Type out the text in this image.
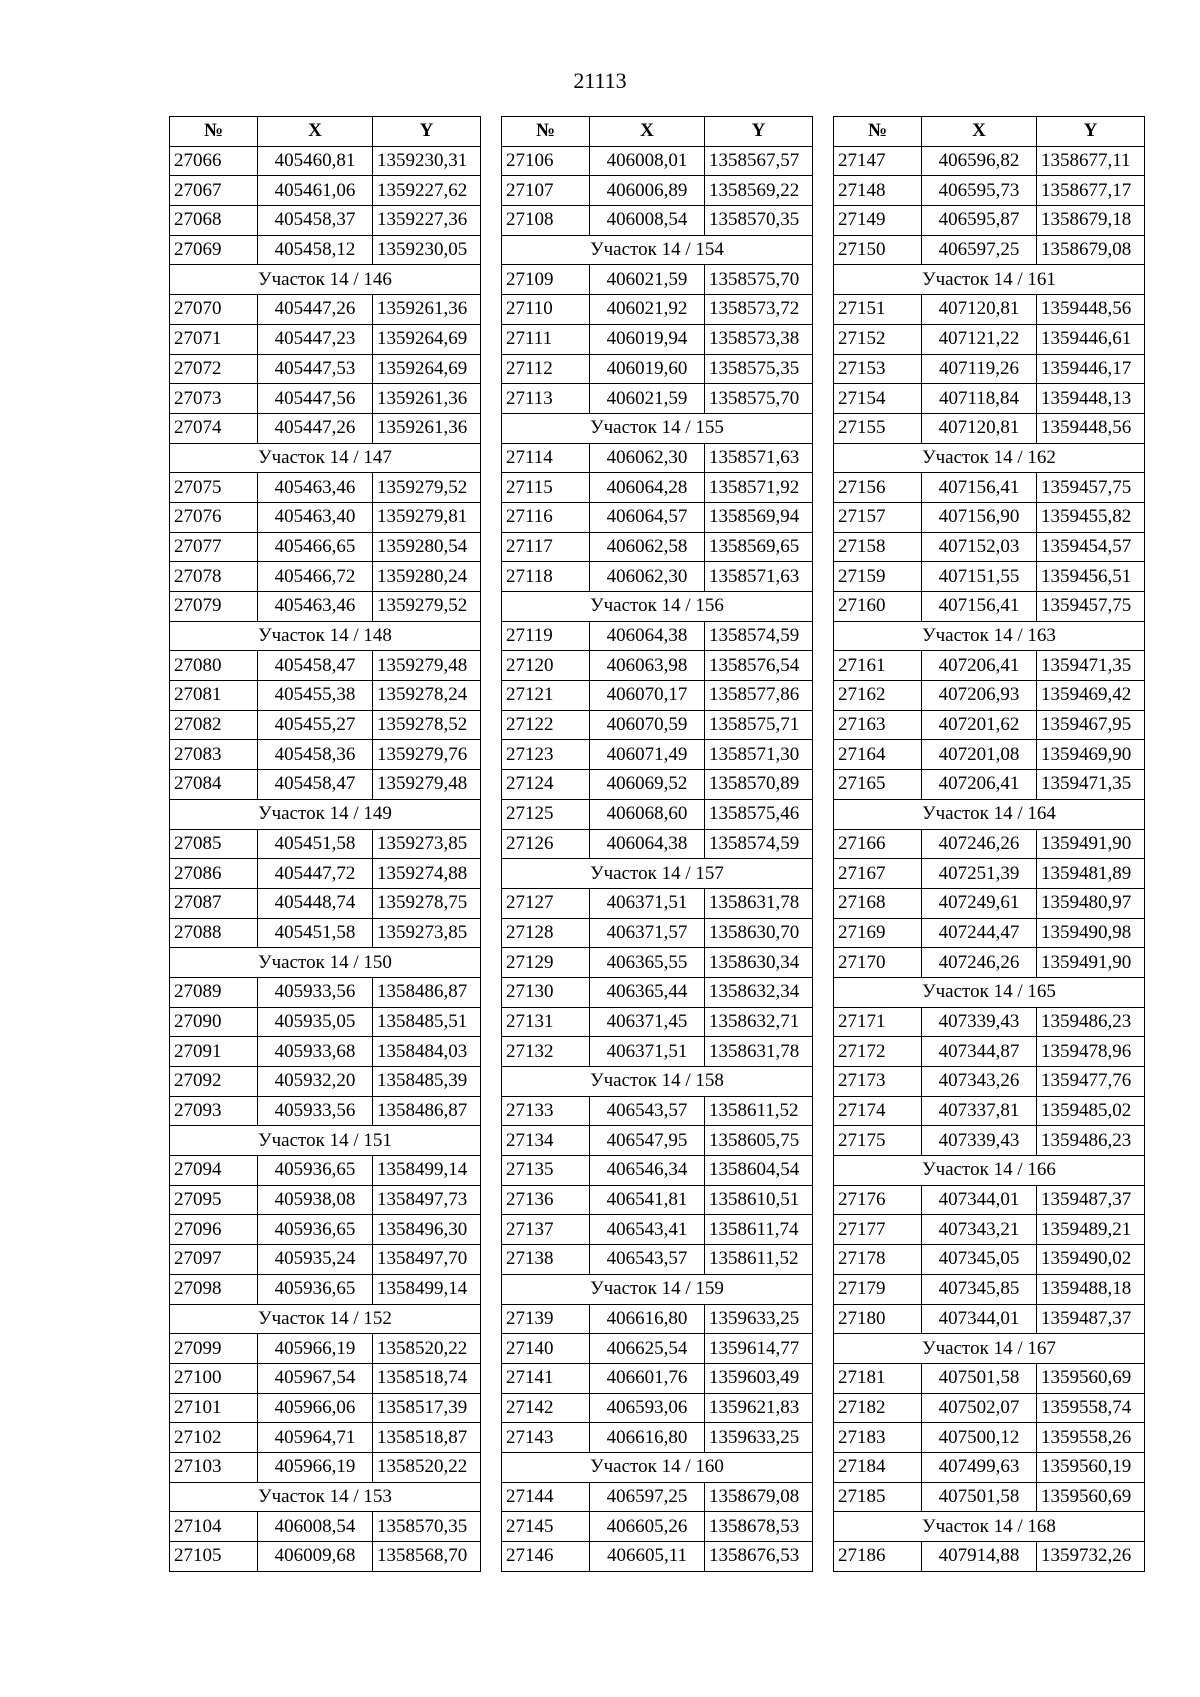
21113
№	X	Y
27066	405460,81	1359230,31
27067	405461,06	1359227,62
27068	405458,37	1359227,36
27069	405458,12	1359230,05
Участок 14 / 146		
27070	405447,26	1359261,36
27071	405447,23	1359264,69
27072	405447,53	1359264,69
27073	405447,56	1359261,36
27074	405447,26	1359261,36
Участок 14 / 147		
27075	405463,46	1359279,52
27076	405463,40	1359279,81
27077	405466,65	1359280,54
27078	405466,72	1359280,24
27079	405463,46	1359279,52
Участок 14 / 148		
27080	405458,47	1359279,48
27081	405455,38	1359278,24
27082	405455,27	1359278,52
27083	405458,36	1359279,76
27084	405458,47	1359279,48
Участок 14 / 149		
27085	405451,58	1359273,85
27086	405447,72	1359274,88
27087	405448,74	1359278,75
27088	405451,58	1359273,85
Участок 14 / 150		
27089	405933,56	1358486,87
27090	405935,05	1358485,51
27091	405933,68	1358484,03
27092	405932,20	1358485,39
27093	405933,56	1358486,87
Участок 14 / 151		
27094	405936,65	1358499,14
27095	405938,08	1358497,73
27096	405936,65	1358496,30
27097	405935,24	1358497,70
27098	405936,65	1358499,14
Участок 14 / 152		
27099	405966,19	1358520,22
27100	405967,54	1358518,74
27101	405966,06	1358517,39
27102	405964,71	1358518,87
27103	405966,19	1358520,22
Участок 14 / 153		
27104	406008,54	1358570,35
27105	406009,68	1358568,70
№	X	Y
27106	406008,01	1358567,57
27107	406006,89	1358569,22
27108	406008,54	1358570,35
Участок 14 / 154		
27109	406021,59	1358575,70
27110	406021,92	1358573,72
27111	406019,94	1358573,38
27112	406019,60	1358575,35
27113	406021,59	1358575,70
Участок 14 / 155		
27114	406062,30	1358571,63
27115	406064,28	1358571,92
27116	406064,57	1358569,94
27117	406062,58	1358569,65
27118	406062,30	1358571,63
Участок 14 / 156		
27119	406064,38	1358574,59
27120	406063,98	1358576,54
27121	406070,17	1358577,86
27122	406070,59	1358575,71
27123	406071,49	1358571,30
27124	406069,52	1358570,89
27125	406068,60	1358575,46
27126	406064,38	1358574,59
Участок 14 / 157		
27127	406371,51	1358631,78
27128	406371,57	1358630,70
27129	406365,55	1358630,34
27130	406365,44	1358632,34
27131	406371,45	1358632,71
27132	406371,51	1358631,78
Участок 14 / 158		
27133	406543,57	1358611,52
27134	406547,95	1358605,75
27135	406546,34	1358604,54
27136	406541,81	1358610,51
27137	406543,41	1358611,74
27138	406543,57	1358611,52
Участок 14 / 159		
27139	406616,80	1359633,25
27140	406625,54	1359614,77
27141	406601,76	1359603,49
27142	406593,06	1359621,83
27143	406616,80	1359633,25
Участок 14 / 160		
27144	406597,25	1358679,08
27145	406605,26	1358678,53
27146	406605,11	1358676,53
№	X	Y
27147	406596,82	1358677,11
27148	406595,73	1358677,17
27149	406595,87	1358679,18
27150	406597,25	1358679,08
Участок 14 / 161		
27151	407120,81	1359448,56
27152	407121,22	1359446,61
27153	407119,26	1359446,17
27154	407118,84	1359448,13
27155	407120,81	1359448,56
Участок 14 / 162		
27156	407156,41	1359457,75
27157	407156,90	1359455,82
27158	407152,03	1359454,57
27159	407151,55	1359456,51
27160	407156,41	1359457,75
Участок 14 / 163		
27161	407206,41	1359471,35
27162	407206,93	1359469,42
27163	407201,62	1359467,95
27164	407201,08	1359469,90
27165	407206,41	1359471,35
Участок 14 / 164		
27166	407246,26	1359491,90
27167	407251,39	1359481,89
27168	407249,61	1359480,97
27169	407244,47	1359490,98
27170	407246,26	1359491,90
Участок 14 / 165		
27171	407339,43	1359486,23
27172	407344,87	1359478,96
27173	407343,26	1359477,76
27174	407337,81	1359485,02
27175	407339,43	1359486,23
Участок 14 / 166		
27176	407344,01	1359487,37
27177	407343,21	1359489,21
27178	407345,05	1359490,02
27179	407345,85	1359488,18
27180	407344,01	1359487,37
Участок 14 / 167		
27181	407501,58	1359560,69
27182	407502,07	1359558,74
27183	407500,12	1359558,26
27184	407499,63	1359560,19
27185	407501,58	1359560,69
Участок 14 / 168		
27186	407914,88	1359732,26
